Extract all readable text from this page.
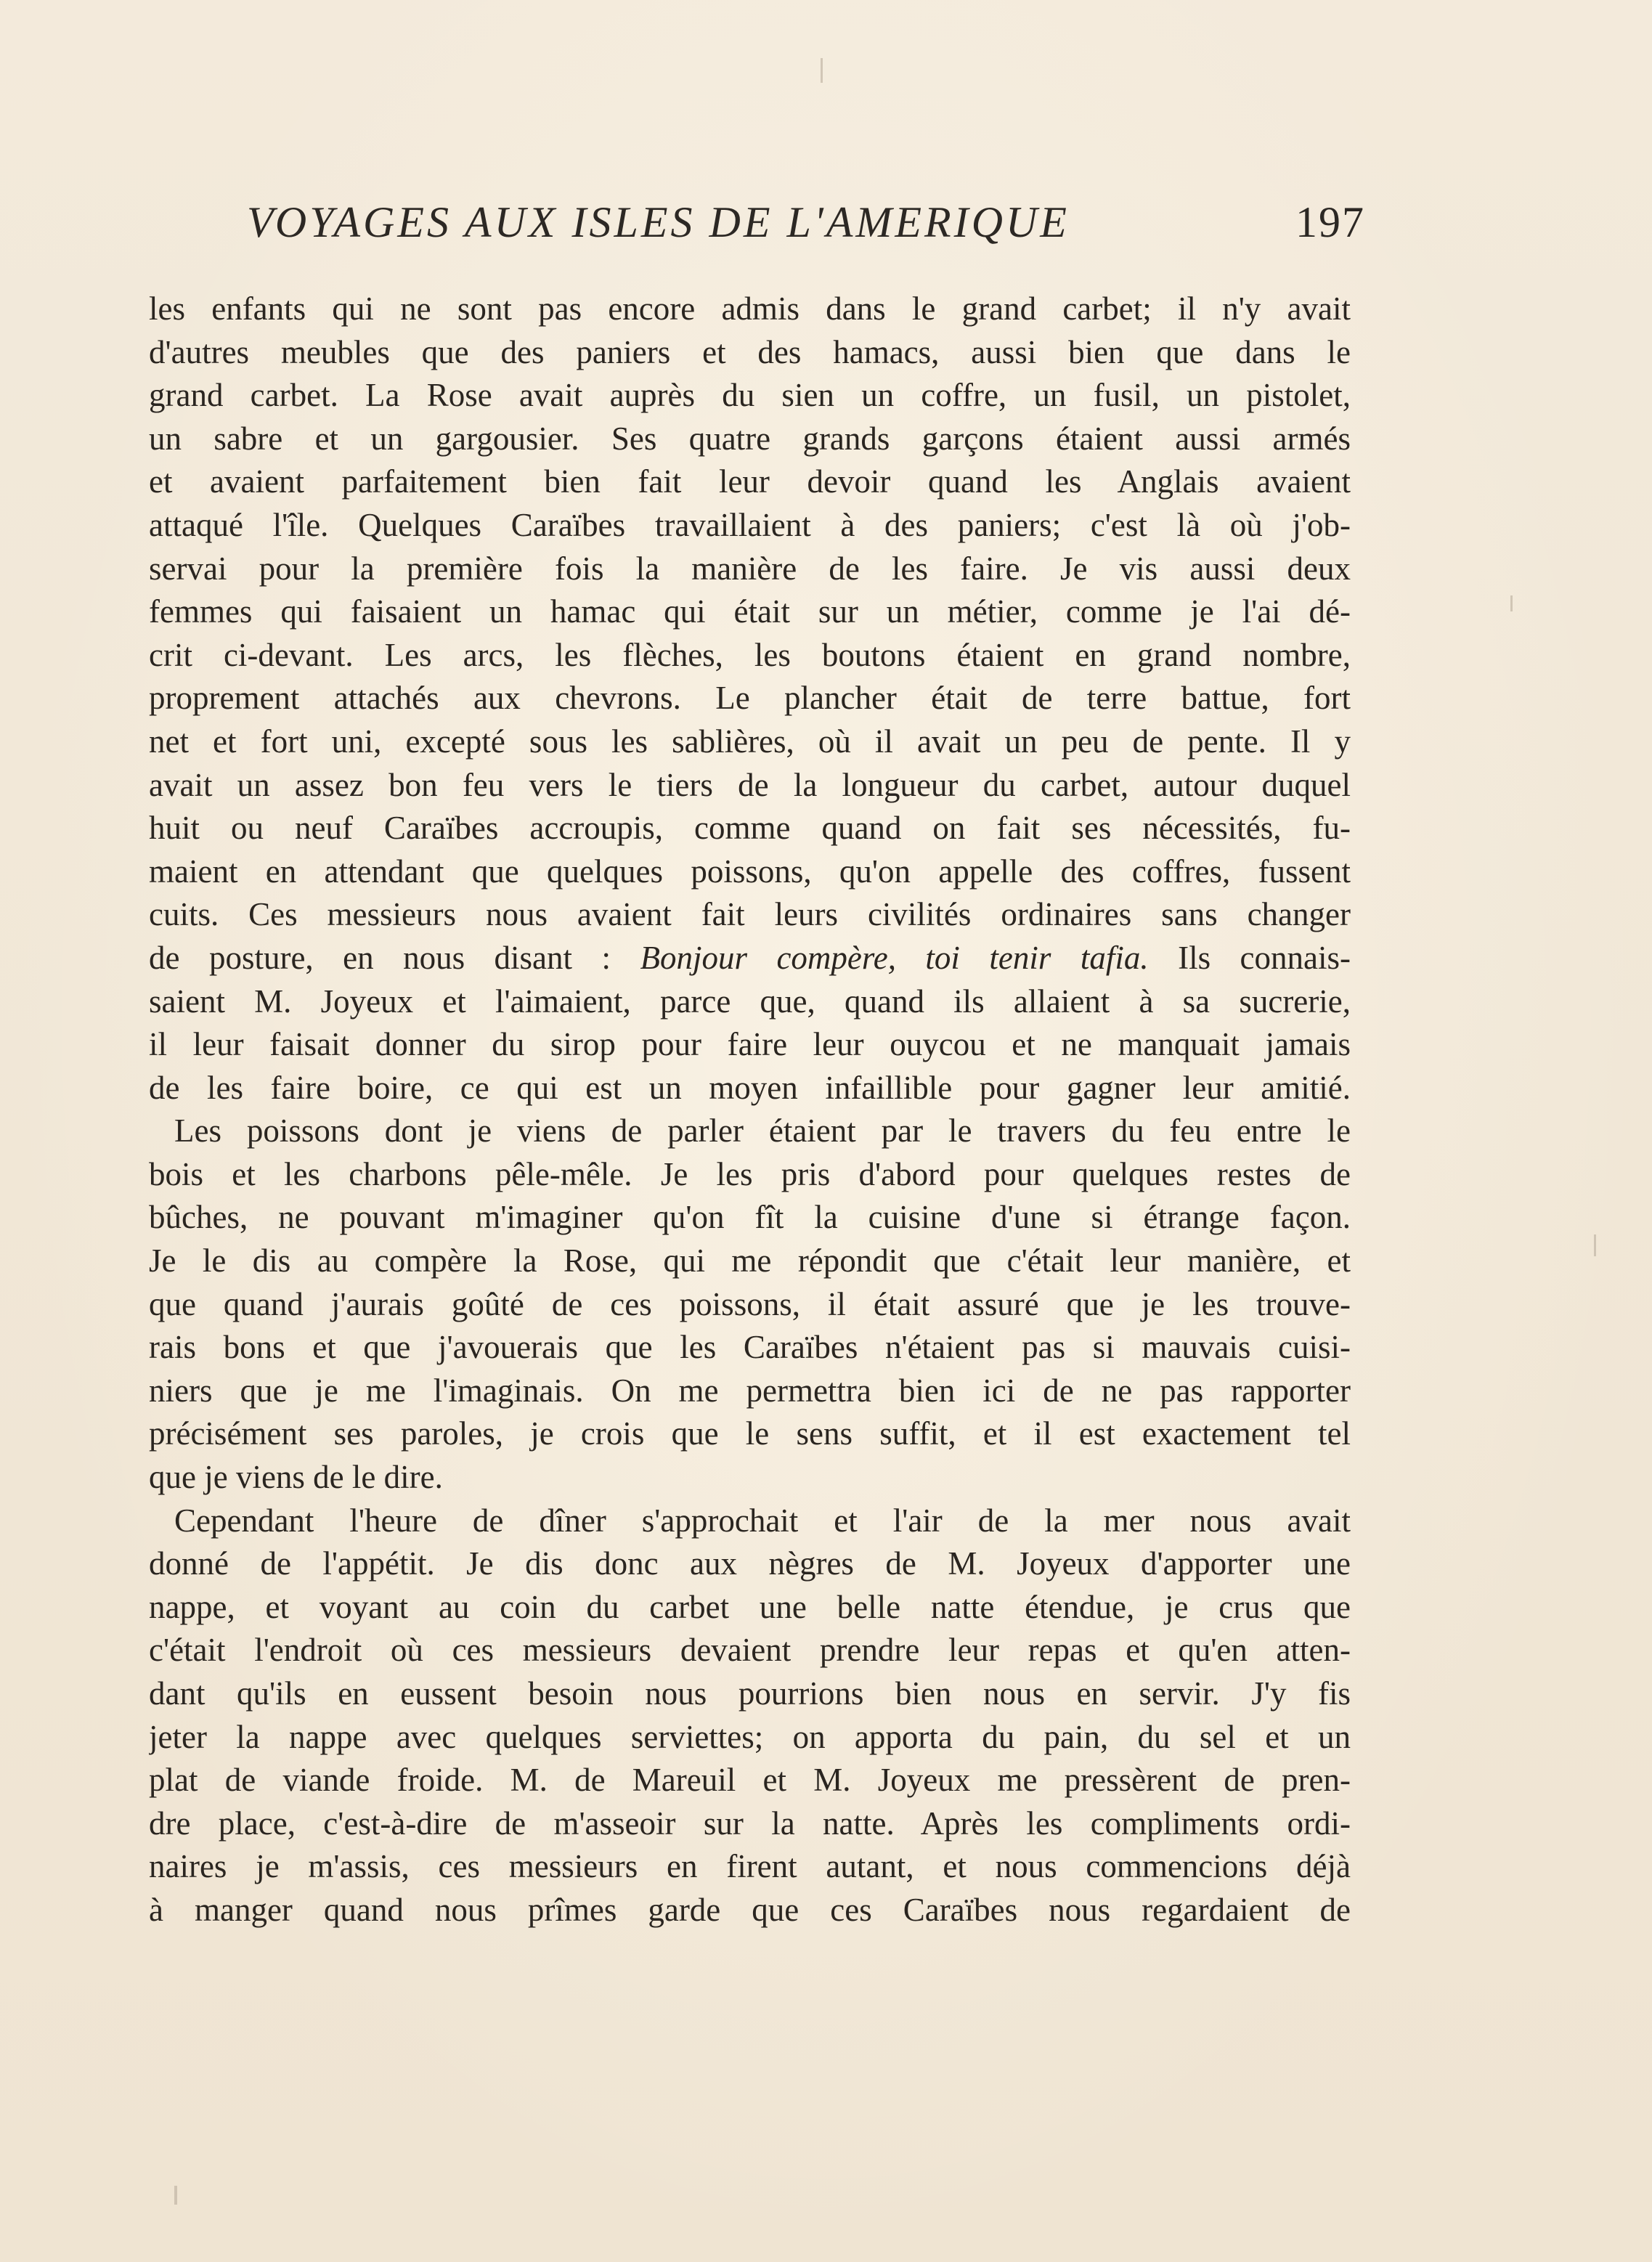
VOYAGES AUX ISLES DE L'AMERIQUE	197
les enfants qui ne sont pas encore admis dans le grand carbet; il n'y avait
d'autres meubles que des paniers et des hamacs, aussi bien que dans le
grand carbet. La Rose avait auprès du sien un coffre, un fusil, un pistolet,
un sabre et un gargousier. Ses quatre grands garçons étaient aussi armés
et avaient parfaitement bien fait leur devoir quand les Anglais avaient
attaqué l'île. Quelques Caraïbes travaillaient à des paniers; c'est là où j'ob-
servai pour la première fois la manière de les faire. Je vis aussi deux
femmes qui faisaient un hamac qui était sur un métier, comme je l'ai dé-
crit ci-devant. Les arcs, les flèches, les boutons étaient en grand nombre,
proprement attachés aux chevrons. Le plancher était de terre battue, fort
net et fort uni, excepté sous les sablières, où il avait un peu de pente. Il y
avait un assez bon feu vers le tiers de la longueur du carbet, autour duquel
huit ou neuf Caraïbes accroupis, comme quand on fait ses nécessités, fu-
maient en attendant que quelques poissons, qu'on appelle des coffres, fussent
cuits. Ces messieurs nous avaient fait leurs civilités ordinaires sans changer
de posture, en nous disant : Bonjour compère, toi tenir tafia. Ils connais-
saient M. Joyeux et l'aimaient, parce que, quand ils allaient à sa sucrerie,
il leur faisait donner du sirop pour faire leur ouycou et ne manquait jamais
de les faire boire, ce qui est un moyen infaillible pour gagner leur amitié.
Les poissons dont je viens de parler étaient par le travers du feu entre le
bois et les charbons pêle-mêle. Je les pris d'abord pour quelques restes de
bûches, ne pouvant m'imaginer qu'on fît la cuisine d'une si étrange façon.
Je le dis au compère la Rose, qui me répondit que c'était leur manière, et
que quand j'aurais goûté de ces poissons, il était assuré que je les trouve-
rais bons et que j'avouerais que les Caraïbes n'étaient pas si mauvais cuisi-
niers que je me l'imaginais. On me permettra bien ici de ne pas rapporter
précisément ses paroles, je crois que le sens suffit, et il est exactement tel
que je viens de le dire.
Cependant l'heure de dîner s'approchait et l'air de la mer nous avait
donné de l'appétit. Je dis donc aux nègres de M. Joyeux d'apporter une
nappe, et voyant au coin du carbet une belle natte étendue, je crus que
c'était l'endroit où ces messieurs devaient prendre leur repas et qu'en atten-
dant qu'ils en eussent besoin nous pourrions bien nous en servir. J'y fis
jeter la nappe avec quelques serviettes; on apporta du pain, du sel et un
plat de viande froide. M. de Mareuil et M. Joyeux me pressèrent de pren-
dre place, c'est-à-dire de m'asseoir sur la natte. Après les compliments ordi-
naires je m'assis, ces messieurs en firent autant, et nous commencions déjà
à manger quand nous prîmes garde que ces Caraïbes nous regardaient de
